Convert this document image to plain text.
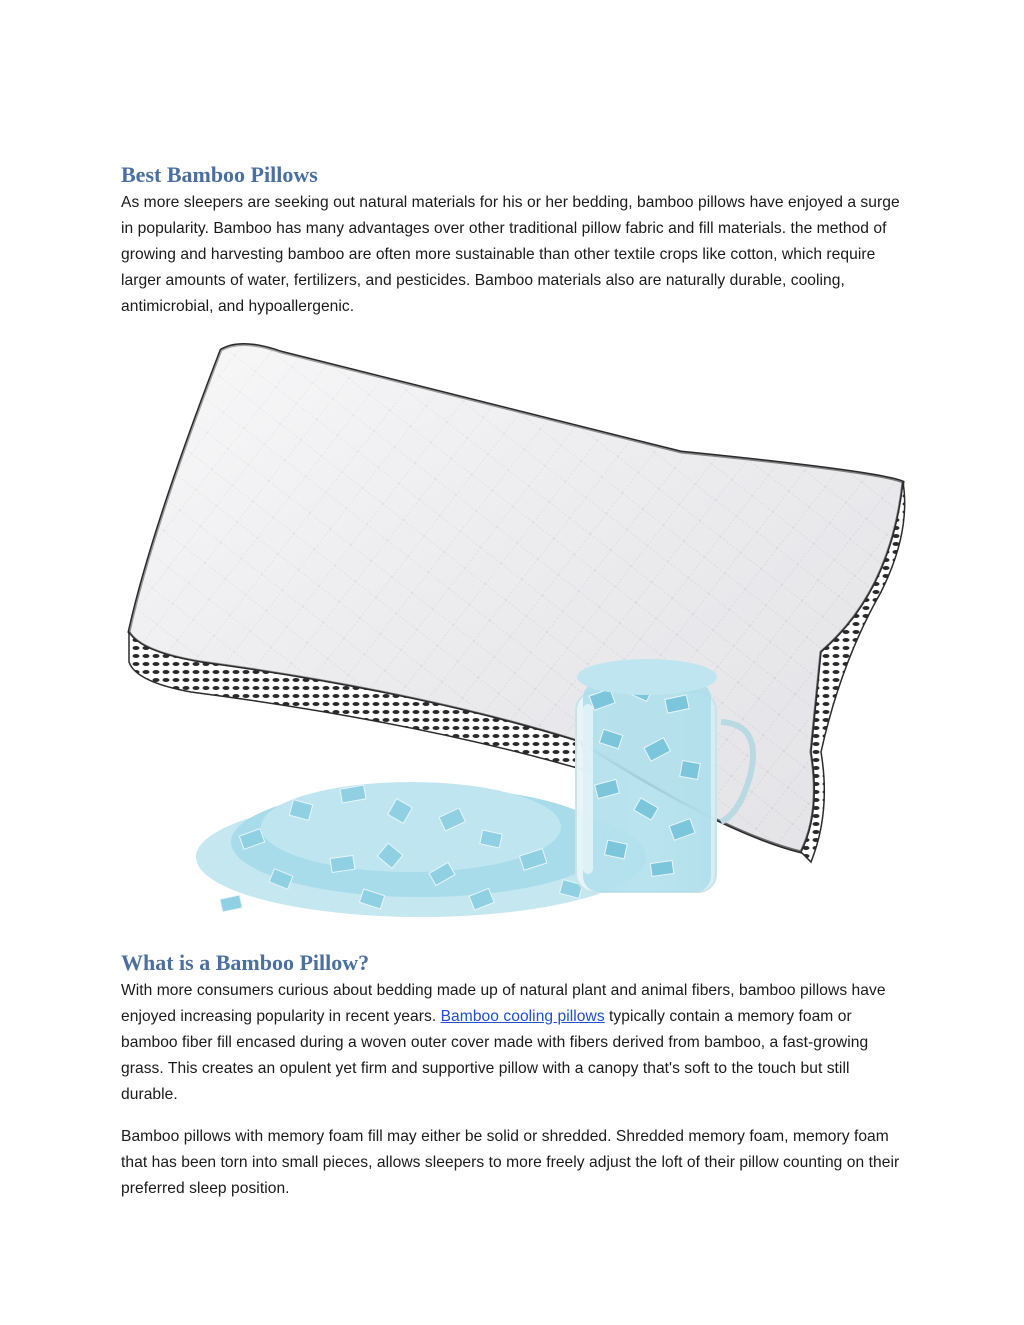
Best Bamboo Pillows

As more sleepers are seeking out natural materials for his or her bedding, bamboo pillows have enjoyed a surge in popularity. Bamboo has many advantages over other traditional pillow fabric and fill materials. the method of growing and harvesting bamboo are often more sustainable than other textile crops like cotton, which require larger amounts of water, fertilizers, and pesticides. Bamboo materials also are naturally durable, cooling, antimicrobial, and hypoallergenic.

What is a Bamboo Pillow?

With more consumers curious about bedding made up of natural plant and animal fibers, bamboo pillows have enjoyed increasing popularity in recent years. Bamboo cooling pillows typically contain a memory foam or bamboo fiber fill encased during a woven outer cover made with fibers derived from bamboo, a fast-growing grass. This creates an opulent yet firm and supportive pillow with a canopy that's soft to the touch but still durable.

Bamboo pillows with memory foam fill may either be solid or shredded. Shredded memory foam, memory foam that has been torn into small pieces, allows sleepers to more freely adjust the loft of their pillow counting on their preferred sleep position.
